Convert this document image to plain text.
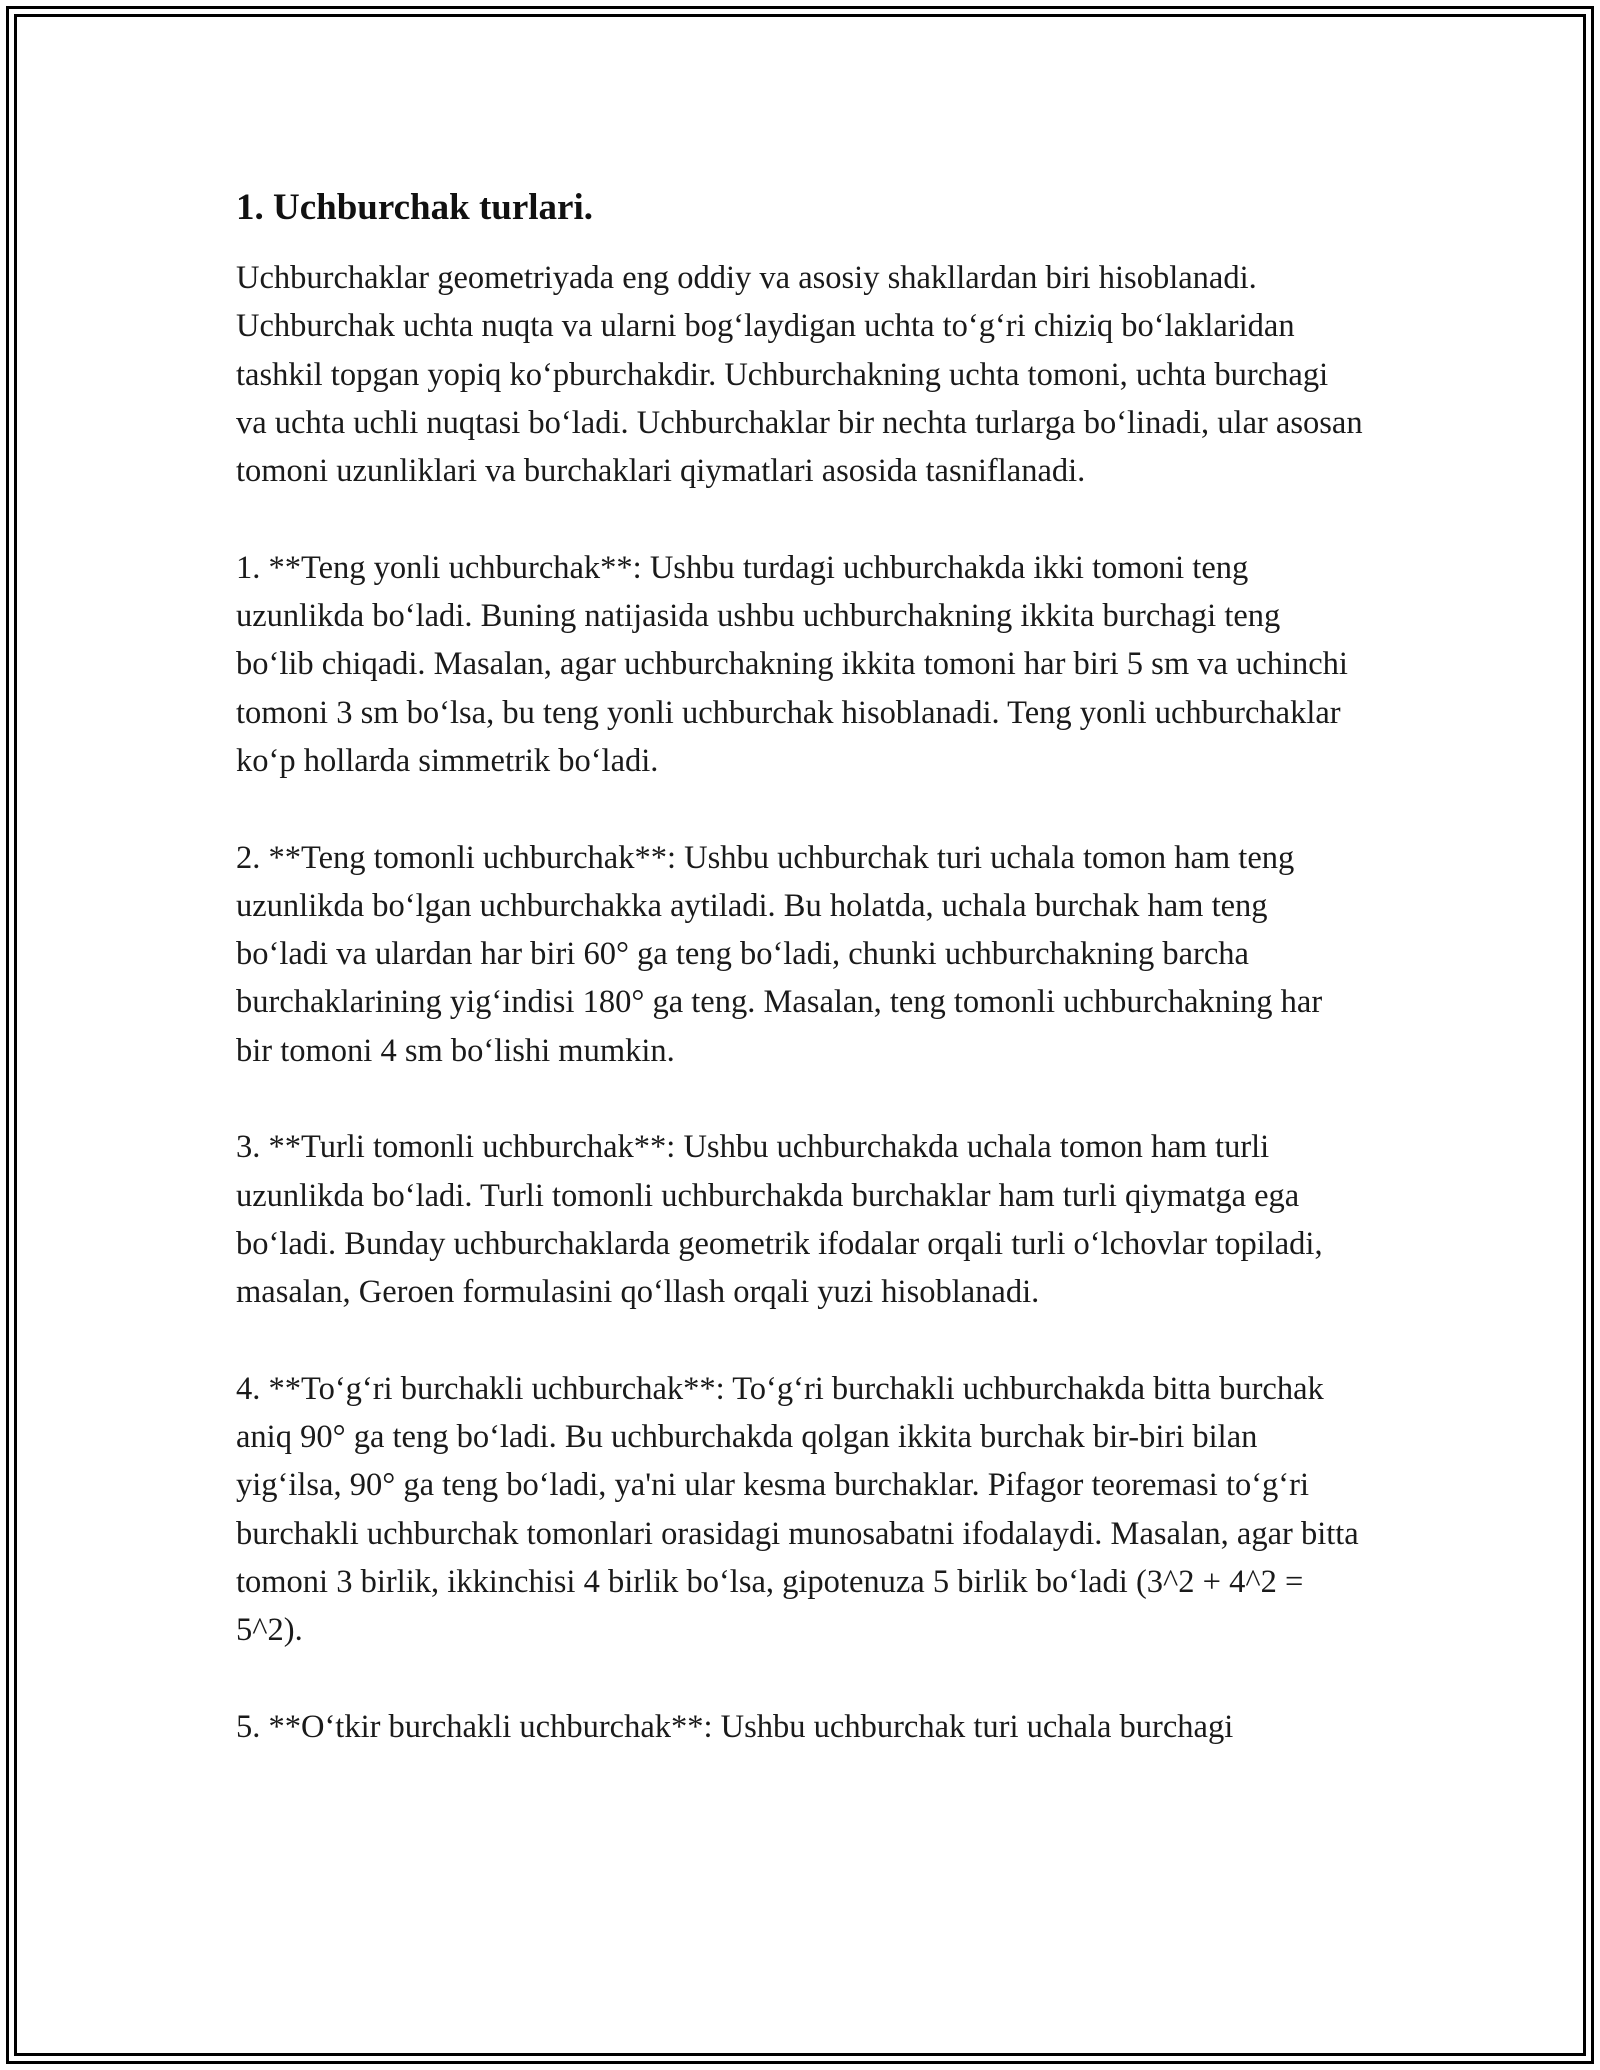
1. Uchburchak turlari.

Uchburchaklar geometriyada eng oddiy va asosiy shakllardan biri hisoblanadi. Uchburchak uchta nuqta va ularni bog‘laydigan uchta to‘g‘ri chiziq bo‘laklaridan tashkil topgan yopiq ko‘pburchakdir. Uchburchakning uchta tomoni, uchta burchagi va uchta uchli nuqtasi bo‘ladi. Uchburchaklar bir nechta turlarga bo‘linadi, ular asosan tomoni uzunliklari va burchaklari qiymatlari asosida tasniflanadi.

1. **Teng yonli uchburchak**: Ushbu turdagi uchburchakda ikki tomoni teng uzunlikda bo‘ladi. Buning natijasida ushbu uchburchakning ikkita burchagi teng bo‘lib chiqadi. Masalan, agar uchburchakning ikkita tomoni har biri 5 sm va uchinchi tomoni 3 sm bo‘lsa, bu teng yonli uchburchak hisoblanadi. Teng yonli uchburchaklar ko‘p hollarda simmetrik bo‘ladi.

2. **Teng tomonli uchburchak**: Ushbu uchburchak turi uchala tomon ham teng uzunlikda bo‘lgan uchburchakka aytiladi. Bu holatda, uchala burchak ham teng bo‘ladi va ulardan har biri 60° ga teng bo‘ladi, chunki uchburchakning barcha burchaklarining yig‘indisi 180° ga teng. Masalan, teng tomonli uchburchakning har bir tomoni 4 sm bo‘lishi mumkin.

3. **Turli tomonli uchburchak**: Ushbu uchburchakda uchala tomon ham turli uzunlikda bo‘ladi. Turli tomonli uchburchakda burchaklar ham turli qiymatga ega bo‘ladi. Bunday uchburchaklarda geometrik ifodalar orqali turli o‘lchovlar topiladi, masalan, Geroen formulasini qo‘llash orqali yuzi hisoblanadi.

4. **To‘g‘ri burchakli uchburchak**: To‘g‘ri burchakli uchburchakda bitta burchak aniq 90° ga teng bo‘ladi. Bu uchburchakda qolgan ikkita burchak bir-biri bilan yig‘ilsa, 90° ga teng bo‘ladi, ya'ni ular kesma burchaklar. Pifagor teoremasi to‘g‘ri burchakli uchburchak tomonlari orasidagi munosabatni ifodalaydi. Masalan, agar bitta tomoni 3 birlik, ikkinchisi 4 birlik bo‘lsa, gipotenuza 5 birlik bo‘ladi (3^2 + 4^2 = 5^2).

5. **O‘tkir burchakli uchburchak**: Ushbu uchburchak turi uchala burchagi
